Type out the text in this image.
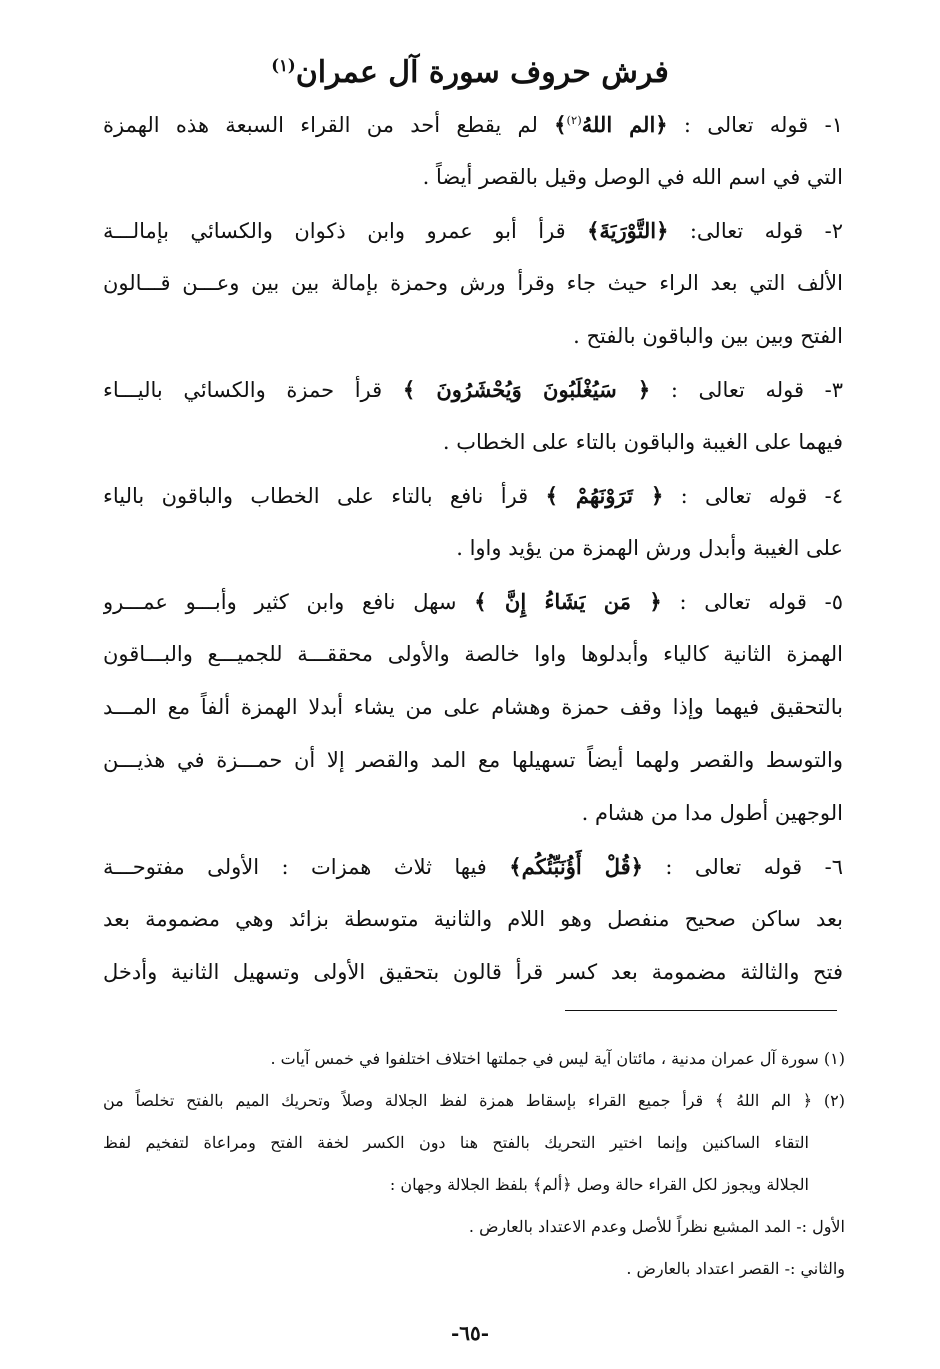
فرش حروف سورة آل عمران$^{(١)}$
١- قوله تعالى : ﴿الم اللهُ$^{(٢)}$﴾ لم يقطع أحد من القراء السبعة هذه الهمزة
التي في اسم الله في الوصل وقيل بالقصر أيضاً .
٢- قوله تعالى: ﴿التَّوْرَيَةَ﴾ قرأ أبو عمرو وابن ذكوان والكسائي بإمالـــة
الألف التي بعد الراء حيث جاء وقرأ ورش وحمزة بإمالة بين بين وعـــن قـــالون
الفتح وبين بين والباقون بالفتح .
٣- قوله تعالى : ﴿ سَيُغْلَبُونَ وَيُحْشَرُونَ ﴾ قرأ حمزة والكسائي باليـــاء
فيهما على الغيبة والباقون بالتاء على الخطاب .
٤- قوله تعالى : ﴿ تَرَوْنَهُمْ ﴾ قرأ نافع بالتاء على الخطاب والباقون بالياء
على الغيبة وأبدل ورش الهمزة من يؤيد واوا .
٥- قوله تعالى : ﴿ مَن يَشَاءُ إِنَّ ﴾ سهل نافع وابن كثير وأبـــو عمـــرو
الهمزة الثانية كالياء وأبدلوها واوا خالصة والأولى محققـــة للجميـــع والبـــاقون
بالتحقيق فيهما وإذا وقف حمزة وهشام على من يشاء أبدلا الهمزة ألفاً مع المـــد
والتوسط والقصر ولهما أيضاً تسهيلها مع المد والقصر إلا أن حمـــزة في هذيـــن
الوجهين أطول مدا من هشام .
٦- قوله تعالى : ﴿قُلْ أَؤُنَبِّئُكُم﴾ فيها ثلاث همزات : الأولى مفتوحـــة
بعد ساكن صحيح منفصل وهو اللام والثانية متوسطة بزائد وهي مضمومة بعد
فتح والثالثة مضمومة بعد كسر قرأ قالون بتحقيق الأولى وتسهيل الثانية وأدخل
(١) سورة آل عمران مدنية ، مائتان آية ليس في جملتها اختلاف اختلفوا في خمس آيات .
(٢) ﴿ الم اللهُ ﴾ قرأ جميع القراء بإسقاط همزة لفظ الجلالة وصلاً وتحريك الميم بالفتح تخلصاً من
التقاء الساكنين وإنما اختير التحريك بالفتح هنا دون الكسر لخفة الفتح ومراعاة لتفخيم لفظ
الجلالة ويجوز لكل القراء حالة وصل ﴿ألم﴾ بلفظ الجلالة وجهان :
الأول :- المد المشبع نظراً للأصل وعدم الاعتداد بالعارض .
والثاني :- القصر اعتداد بالعارض .
-٦٥-
